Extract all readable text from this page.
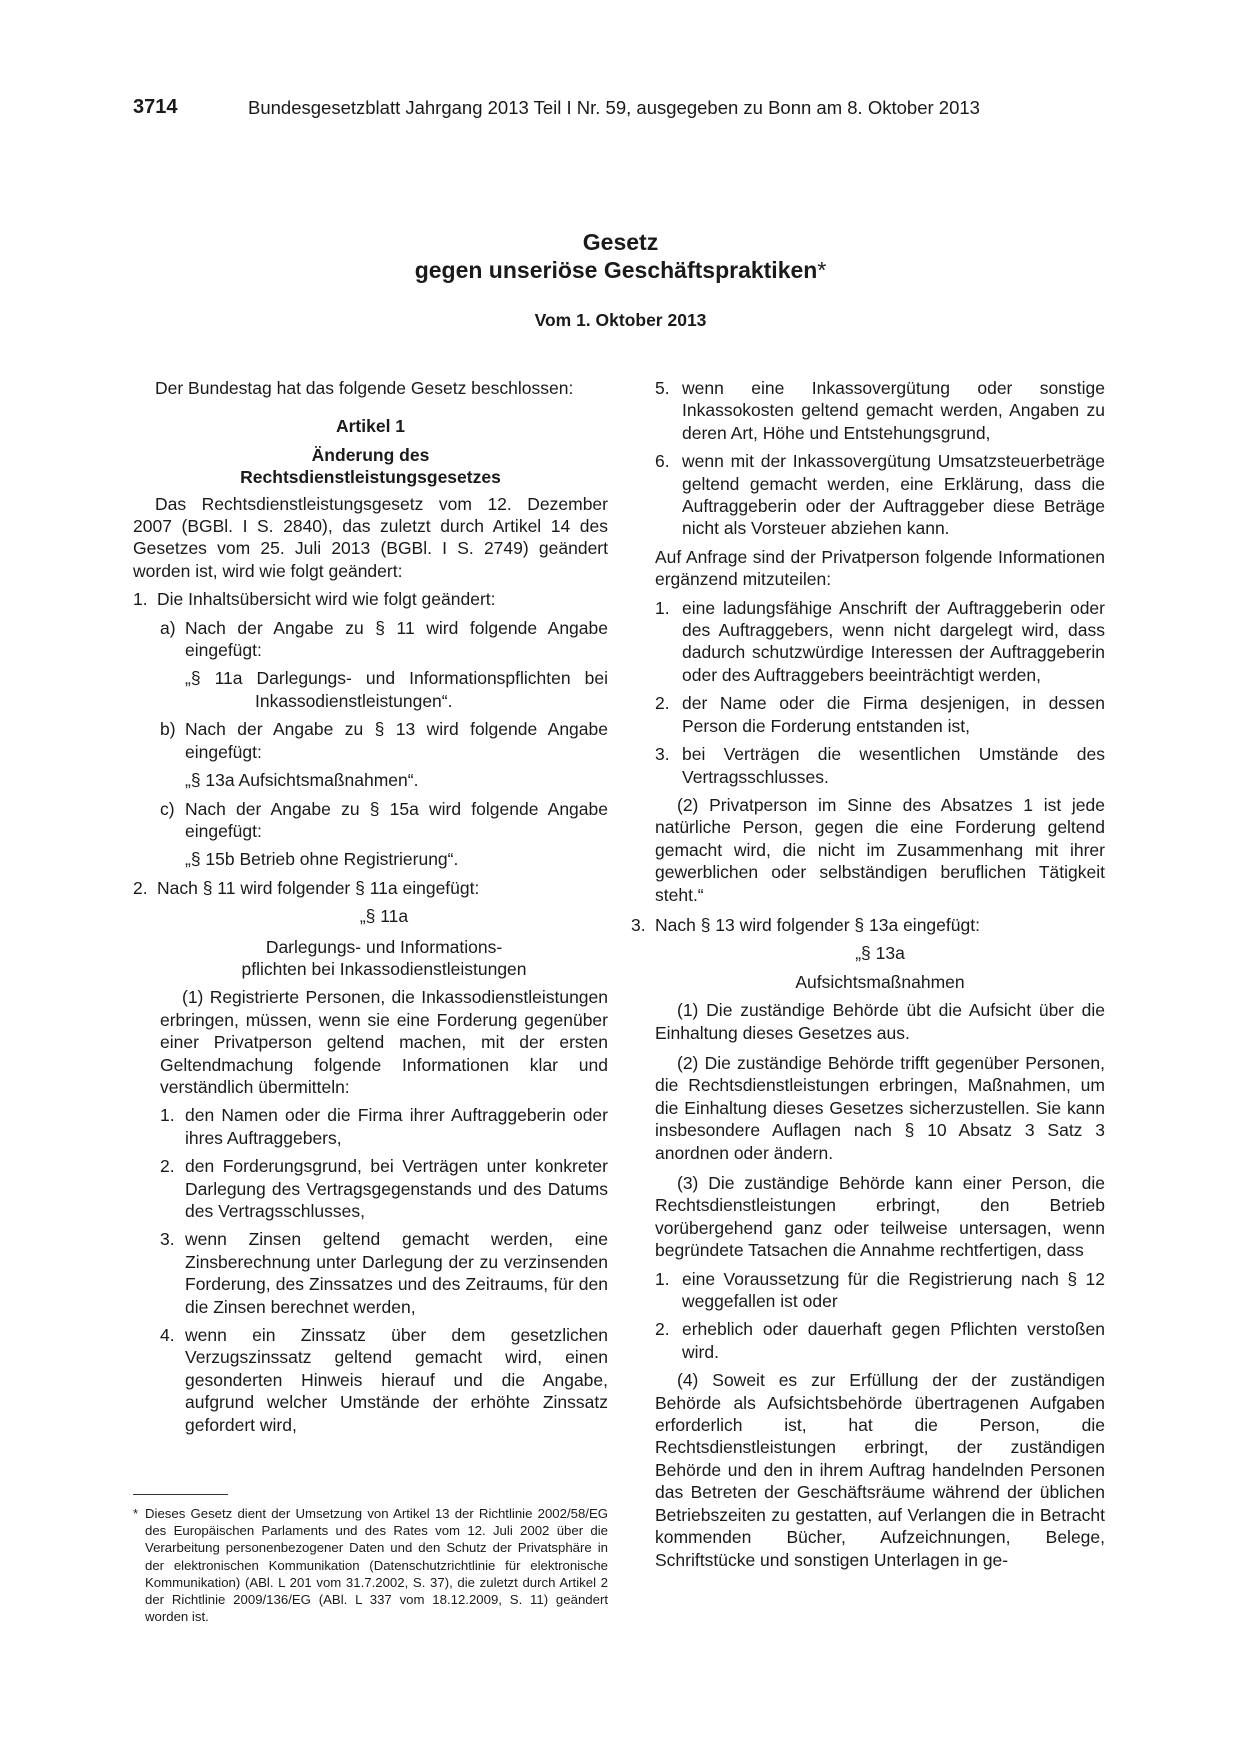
3714	Bundesgesetzblatt Jahrgang 2013 Teil I Nr. 59, ausgegeben zu Bonn am 8. Oktober 2013
Gesetz
gegen unseriöse Geschäftspraktiken*
Vom 1. Oktober 2013

Der Bundestag hat das folgende Gesetz beschlossen:

Artikel 1

Änderung des

Rechtsdienstleistungsgesetzes

Das Rechtsdienstleistungsgesetz vom 12. Dezember 2007 (BGBl. I S. 2840), das zuletzt durch Artikel 14 des Gesetzes vom 25. Juli 2013 (BGBl. I S. 2749) geändert worden ist, wird wie folgt geändert:

1. Die Inhaltsübersicht wird wie folgt geändert:
a) Nach der Angabe zu § 11 wird folgende Angabe eingefügt:
„§ 11a Darlegungs- und Informationspflichten bei Inkassodienstleistungen“.
b) Nach der Angabe zu § 13 wird folgende Angabe eingefügt:
„§ 13a Aufsichtsmaßnahmen“.
c) Nach der Angabe zu § 15a wird folgende Angabe eingefügt:
„§ 15b Betrieb ohne Registrierung“.
2. Nach § 11 wird folgender § 11a eingefügt:

„§ 11a

Darlegungs- und Informations-

pflichten bei Inkassodienstleistungen

(1) Registrierte Personen, die Inkassodienstleistungen erbringen, müssen, wenn sie eine Forderung gegenüber einer Privatperson geltend machen, mit der ersten Geltendmachung folgende Informationen klar und verständlich übermitteln:

1. den Namen oder die Firma ihrer Auftraggeberin oder ihres Auftraggebers,
2. den Forderungsgrund, bei Verträgen unter konkreter Darlegung des Vertragsgegenstands und des Datums des Vertragsschlusses,
3. wenn Zinsen geltend gemacht werden, eine Zinsberechnung unter Darlegung der zu verzinsenden Forderung, des Zinssatzes und des Zeitraums, für den die Zinsen berechnet werden,
4. wenn ein Zinssatz über dem gesetzlichen Verzugszinssatz geltend gemacht wird, einen gesonderten Hinweis hierauf und die Angabe, aufgrund welcher Umstände der erhöhte Zinssatz gefordert wird,
* Dieses Gesetz dient der Umsetzung von Artikel 13 der Richtlinie 2002/58/EG des Europäischen Parlaments und des Rates vom 12. Juli 2002 über die Verarbeitung personenbezogener Daten und den Schutz der Privatsphäre in der elektronischen Kommunikation (Datenschutzrichtlinie für elektronische Kommunikation) (ABl. L 201 vom 31.7.2002, S. 37), die zuletzt durch Artikel 2 der Richtlinie 2009/136/EG (ABl. L 337 vom 18.12.2009, S. 11) geändert worden ist.
5. wenn eine Inkassovergütung oder sonstige Inkassokosten geltend gemacht werden, Angaben zu deren Art, Höhe und Entstehungsgrund,
6. wenn mit der Inkassovergütung Umsatzsteuerbeträge geltend gemacht werden, eine Erklärung, dass die Auftraggeberin oder der Auftraggeber diese Beträge nicht als Vorsteuer abziehen kann.

Auf Anfrage sind der Privatperson folgende Informationen ergänzend mitzuteilen:

1. eine ladungsfähige Anschrift der Auftraggeberin oder des Auftraggebers, wenn nicht dargelegt wird, dass dadurch schutzwürdige Interessen der Auftraggeberin oder des Auftraggebers beeinträchtigt werden,
2. der Name oder die Firma desjenigen, in dessen Person die Forderung entstanden ist,
3. bei Verträgen die wesentlichen Umstände des Vertragsschlusses.

(2) Privatperson im Sinne des Absatzes 1 ist jede natürliche Person, gegen die eine Forderung geltend gemacht wird, die nicht im Zusammenhang mit ihrer gewerblichen oder selbständigen beruflichen Tätigkeit steht.“

3. Nach § 13 wird folgender § 13a eingefügt:

„§ 13a

Aufsichtsmaßnahmen

(1) Die zuständige Behörde übt die Aufsicht über die Einhaltung dieses Gesetzes aus.

(2) Die zuständige Behörde trifft gegenüber Personen, die Rechtsdienstleistungen erbringen, Maßnahmen, um die Einhaltung dieses Gesetzes sicherzustellen. Sie kann insbesondere Auflagen nach § 10 Absatz 3 Satz 3 anordnen oder ändern.

(3) Die zuständige Behörde kann einer Person, die Rechtsdienstleistungen erbringt, den Betrieb vorübergehend ganz oder teilweise untersagen, wenn begründete Tatsachen die Annahme rechtfertigen, dass

1. eine Voraussetzung für die Registrierung nach § 12 weggefallen ist oder
2. erheblich oder dauerhaft gegen Pflichten verstoßen wird.

(4) Soweit es zur Erfüllung der der zuständigen Behörde als Aufsichtsbehörde übertragenen Aufgaben erforderlich ist, hat die Person, die Rechtsdienstleistungen erbringt, der zuständigen Behörde und den in ihrem Auftrag handelnden Personen das Betreten der Geschäftsräume während der üblichen Betriebszeiten zu gestatten, auf Verlangen die in Betracht kommenden Bücher, Aufzeichnungen, Belege, Schriftstücke und sonstigen Unterlagen in ge-
